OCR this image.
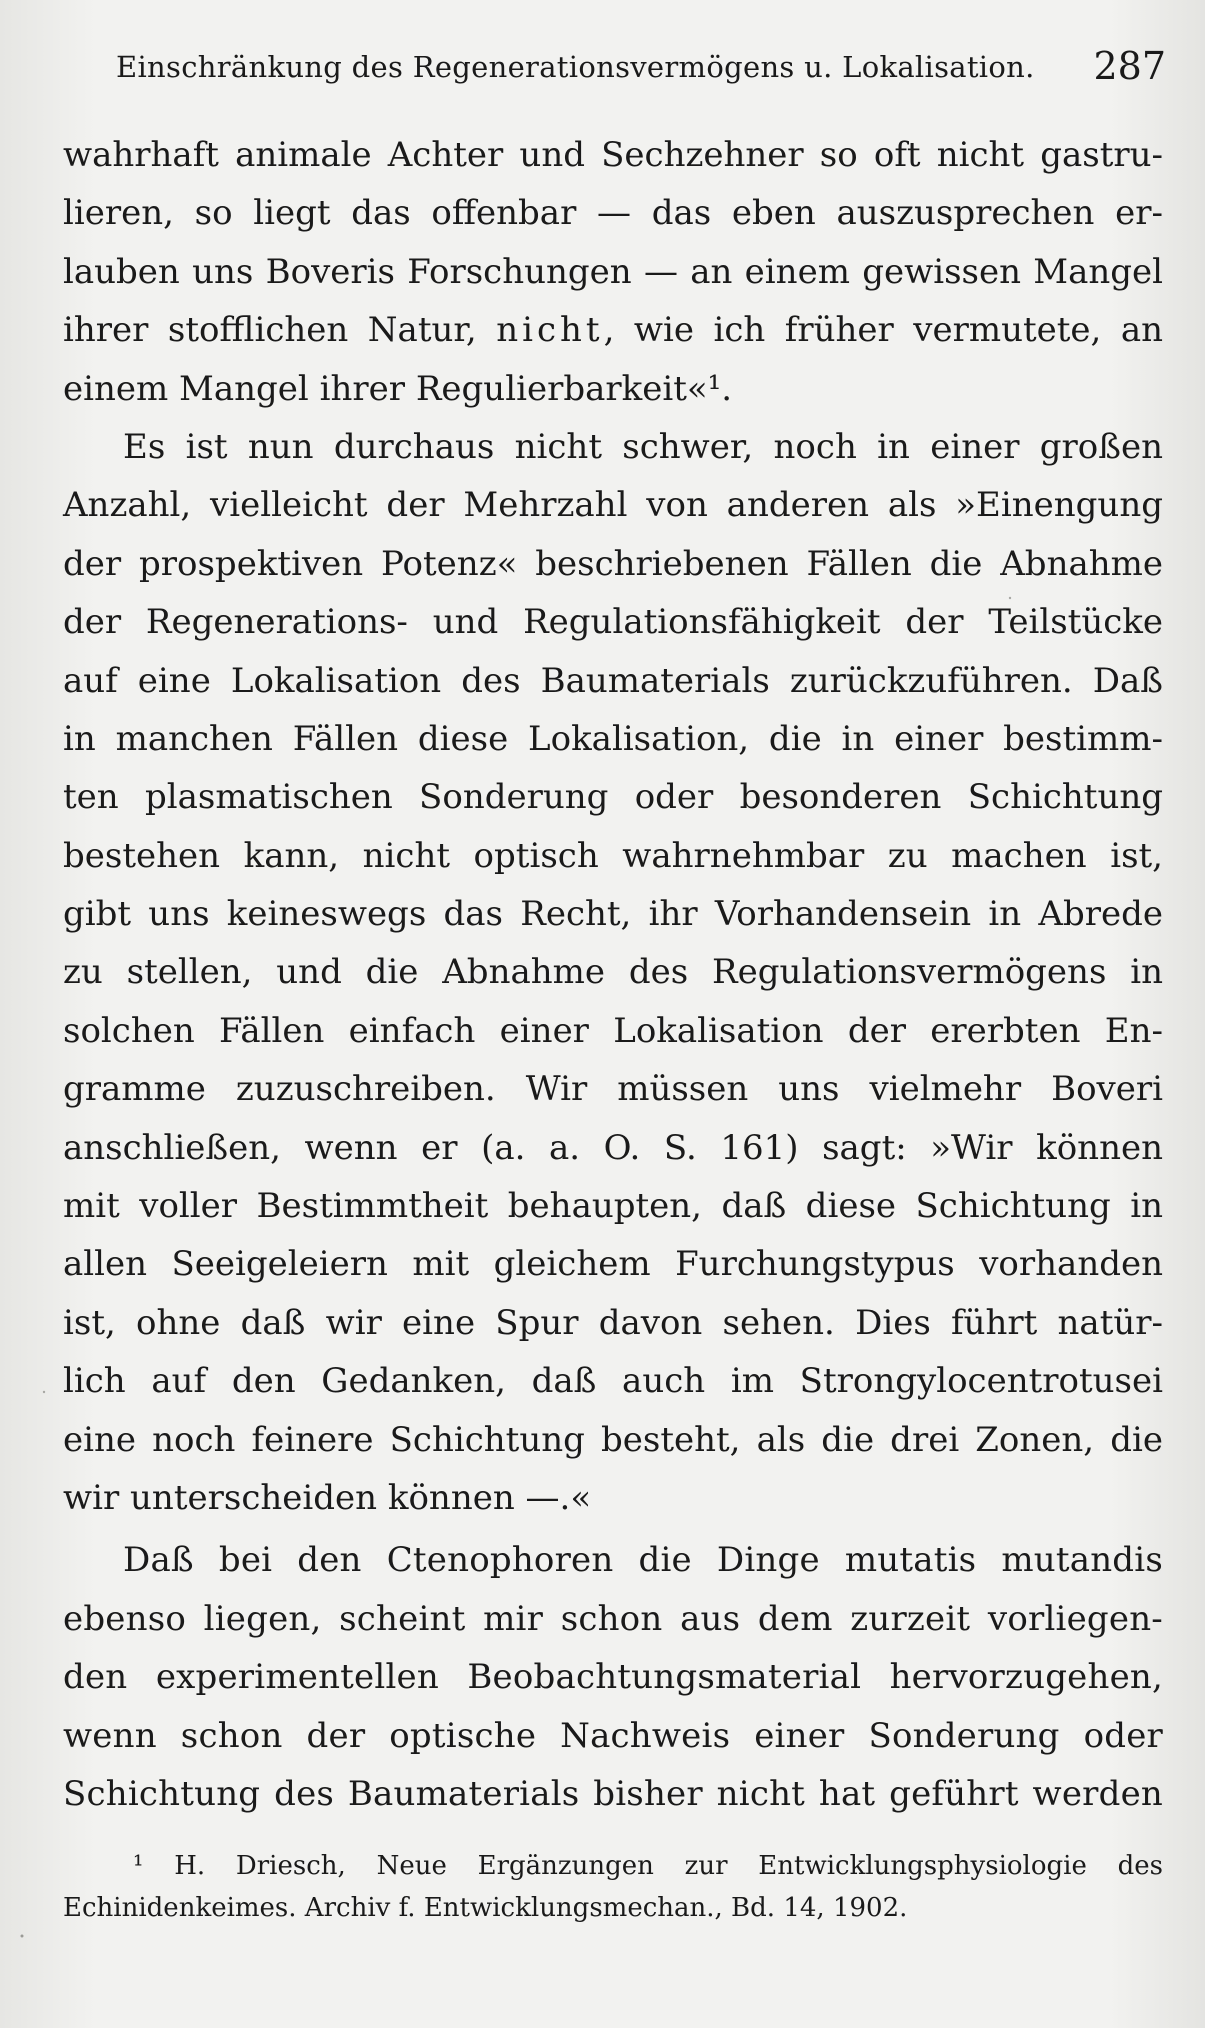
Einschränkung des Regenerationsvermögens u. Lokalisation. 287
wahrhaft animale Achter und Sechzehner so oft nicht gastru-
lieren, so liegt das offenbar — das eben auszusprechen er-
lauben uns Boveris Forschungen — an einem gewissen Mangel
ihrer stofflichen Natur, nicht, wie ich früher vermutete, an
einem Mangel ihrer Regulierbarkeit«¹.
Es ist nun durchaus nicht schwer, noch in einer großen
Anzahl, vielleicht der Mehrzahl von anderen als »Einengung
der prospektiven Potenz« beschriebenen Fällen die Abnahme
der Regenerations- und Regulationsfähigkeit der Teilstücke
auf eine Lokalisation des Baumaterials zurückzuführen. Daß
in manchen Fällen diese Lokalisation, die in einer bestimm-
ten plasmatischen Sonderung oder besonderen Schichtung
bestehen kann, nicht optisch wahrnehmbar zu machen ist,
gibt uns keineswegs das Recht, ihr Vorhandensein in Abrede
zu stellen, und die Abnahme des Regulationsvermögens in
solchen Fällen einfach einer Lokalisation der ererbten En-
gramme zuzuschreiben. Wir müssen uns vielmehr Boveri
anschließen, wenn er (a. a. O. S. 161) sagt: »Wir können
mit voller Bestimmtheit behaupten, daß diese Schichtung in
allen Seeigeleiern mit gleichem Furchungstypus vorhanden
ist, ohne daß wir eine Spur davon sehen. Dies führt natür-
lich auf den Gedanken, daß auch im Strongylocentrotusei
eine noch feinere Schichtung besteht, als die drei Zonen, die
wir unterscheiden können —.«
Daß bei den Ctenophoren die Dinge mutatis mutandis
ebenso liegen, scheint mir schon aus dem zurzeit vorliegen-
den experimentellen Beobachtungsmaterial hervorzugehen,
wenn schon der optische Nachweis einer Sonderung oder
Schichtung des Baumaterials bisher nicht hat geführt werden
¹ H. Driesch, Neue Ergänzungen zur Entwicklungsphysiologie des
Echinidenkeimes. Archiv f. Entwicklungsmechan., Bd. 14, 1902.
